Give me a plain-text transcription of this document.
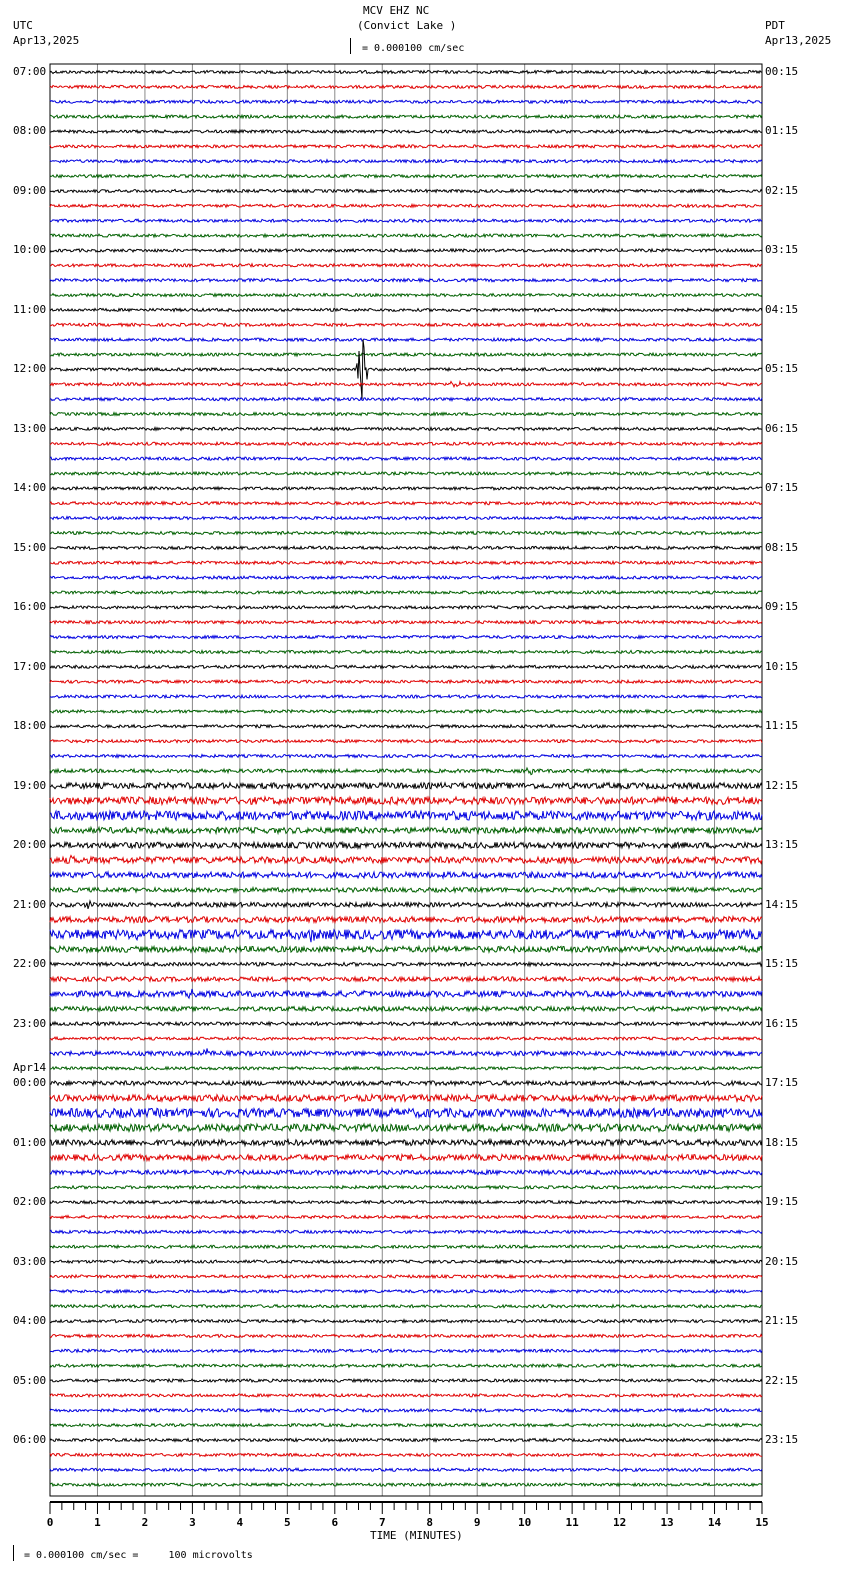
MCV EHZ NC
(Convict Lake )
UTC
Apr13,2025
PDT
Apr13,2025
= 0.000100 cm/sec
= 0.000100 cm/sec =     100 microvolts
TIME (MINUTES)
07:00
08:00
09:00
10:00
11:00
12:00
13:00
14:00
15:00
16:00
17:00
18:00
19:00
20:00
21:00
22:00
23:00
00:00
01:00
02:00
03:00
04:00
05:00
06:00
00:15
01:15
02:15
03:15
04:15
05:15
06:15
07:15
08:15
09:15
10:15
11:15
12:15
13:15
14:15
15:15
16:15
17:15
18:15
19:15
20:15
21:15
22:15
23:15
Apr14
0	1	2	3	4	5	6	7	8	9	10	11	12	13	14	15
